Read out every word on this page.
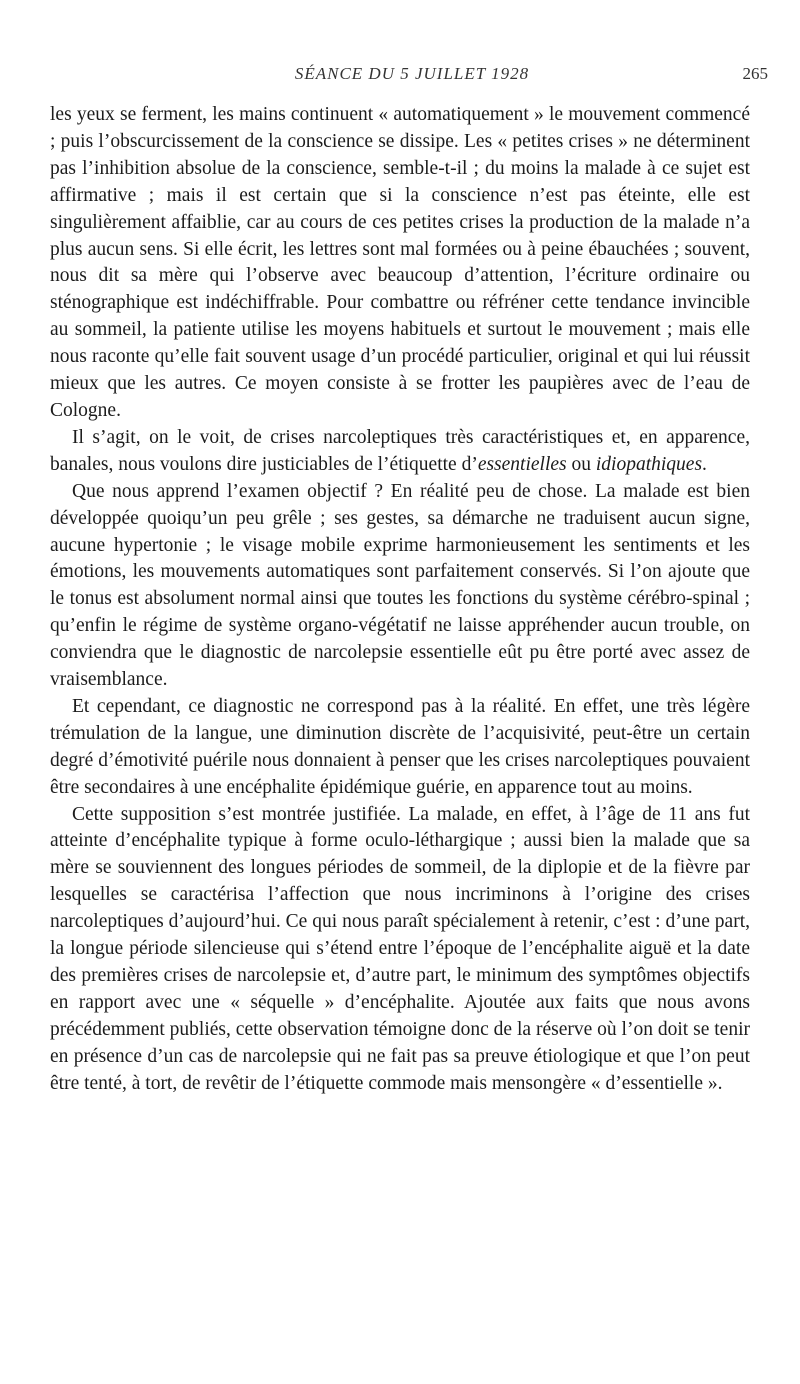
SÉANCE DU 5 JUILLET 1928	265

les yeux se ferment, les mains continuent « automatiquement » le mouvement commencé ; puis l’obscurcissement de la conscience se dissipe. Les « petites crises » ne déterminent pas l’inhibition absolue de la conscience, semble-t-il ; du moins la malade à ce sujet est affirmative ; mais il est certain que si la conscience n’est pas éteinte, elle est singulièrement affaiblie, car au cours de ces petites crises la production de la malade n’a plus aucun sens. Si elle écrit, les lettres sont mal formées ou à peine ébauchées ; souvent, nous dit sa mère qui l’observe avec beaucoup d’attention, l’écriture ordinaire ou sténographique est indéchiffrable. Pour combattre ou réfréner cette tendance invincible au sommeil, la patiente utilise les moyens habituels et surtout le mouvement ; mais elle nous raconte qu’elle fait souvent usage d’un procédé particulier, original et qui lui réussit mieux que les autres. Ce moyen consiste à se frotter les paupières avec de l’eau de Cologne.

Il s’agit, on le voit, de crises narcoleptiques très caractéristiques et, en apparence, banales, nous voulons dire justiciables de l’étiquette d’essentielles ou idiopathiques.

Que nous apprend l’examen objectif ? En réalité peu de chose. La malade est bien développée quoiqu’un peu grêle ; ses gestes, sa démarche ne traduisent aucun signe, aucune hypertonie ; le visage mobile exprime harmonieusement les sentiments et les émotions, les mouvements automatiques sont parfaitement conservés. Si l’on ajoute que le tonus est absolument normal ainsi que toutes les fonctions du système cérébro-spinal ; qu’enfin le régime de système organo-végétatif ne laisse appréhender aucun trouble, on conviendra que le diagnostic de narcolepsie essentielle eût pu être porté avec assez de vraisemblance.

Et cependant, ce diagnostic ne correspond pas à la réalité. En effet, une très légère trémulation de la langue, une diminution discrète de l’acquisivité, peut-être un certain degré d’émotivité puérile nous donnaient à penser que les crises narcoleptiques pouvaient être secondaires à une encéphalite épidémique guérie, en apparence tout au moins.

Cette supposition s’est montrée justifiée. La malade, en effet, à l’âge de 11 ans fut atteinte d’encéphalite typique à forme oculo-léthargique ; aussi bien la malade que sa mère se souviennent des longues périodes de sommeil, de la diplopie et de la fièvre par lesquelles se caractérisa l’affection que nous incriminons à l’origine des crises narcoleptiques d’aujourd’hui. Ce qui nous paraît spécialement à retenir, c’est : d’une part, la longue période silencieuse qui s’étend entre l’époque de l’encéphalite aiguë et la date des premières crises de narcolepsie et, d’autre part, le minimum des symptômes objectifs en rapport avec une « séquelle » d’encéphalite. Ajoutée aux faits que nous avons précédemment publiés, cette observation témoigne donc de la réserve où l’on doit se tenir en présence d’un cas de narcolepsie qui ne fait pas sa preuve étiologique et que l’on peut être tenté, à tort, de revêtir de l’étiquette commode mais mensongère « d’essentielle ».
